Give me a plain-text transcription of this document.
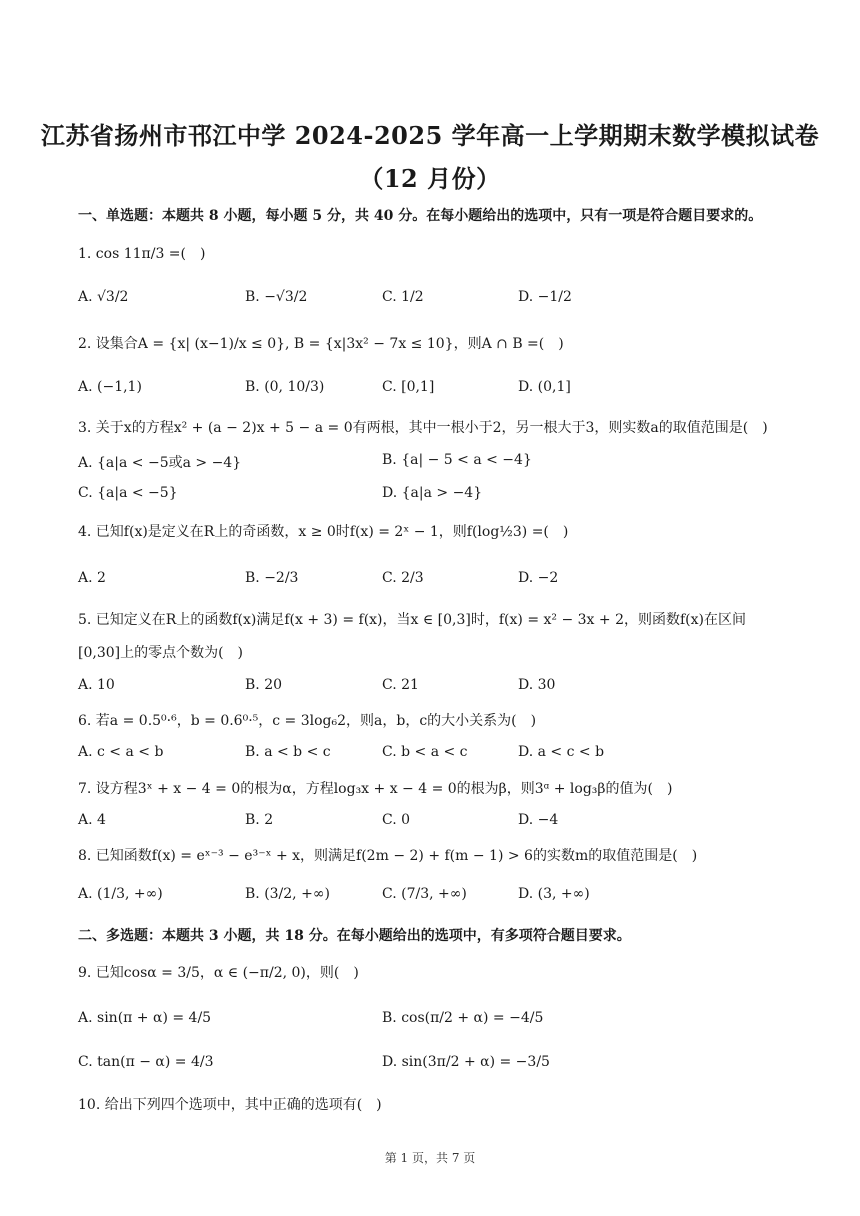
江苏省扬州市邗江中学 2024-2025 学年高一上学期期末数学模拟试卷
（12 月份）
一、单选题：本题共 8 小题，每小题 5 分，共 40 分。在每小题给出的选项中，只有一项是符合题目要求的。
1. cos 11π/3 =(　)
A. √3/2	B. −√3/2	C. 1/2	D. −1/2
2. 设集合A = {x| (x−1)/x ≤ 0}, B = {x|3x² − 7x ≤ 10}，则A ∩ B =(　)
A. (−1,1)	B. (0, 10/3)	C. [0,1]	D. (0,1]
3. 关于x的方程x² + (a − 2)x + 5 − a = 0有两根，其中一根小于2，另一根大于3，则实数a的取值范围是(　)
A. {a|a < −5或a > −4}	B. {a| − 5 < a < −4}
C. {a|a < −5}	D. {a|a > −4}
4. 已知f(x)是定义在R上的奇函数，x ≥ 0时f(x) = 2ˣ − 1，则f(log½3) =(　)
A. 2	B. −2/3	C. 2/3	D. −2
5. 已知定义在R上的函数f(x)满足f(x + 3) = f(x)，当x ∈ [0,3]时，f(x) = x² − 3x + 2，则函数f(x)在区间
[0,30]上的零点个数为(　)
A. 10	B. 20	C. 21	D. 30
6. 若a = 0.5⁰·⁶，b = 0.6⁰·⁵，c = 3log₆2，则a，b，c的大小关系为(　)
A. c < a < b	B. a < b < c	C. b < a < c	D. a < c < b
7. 设方程3ˣ + x − 4 = 0的根为α，方程log₃x + x − 4 = 0的根为β，则3ᵅ + log₃β的值为(　)
A. 4	B. 2	C. 0	D. −4
8. 已知函数f(x) = eˣ⁻³ − e³⁻ˣ + x，则满足f(2m − 2) + f(m − 1) > 6的实数m的取值范围是(　)
A. (1/3, +∞)	B. (3/2, +∞)	C. (7/3, +∞)	D. (3, +∞)
二、多选题：本题共 3 小题，共 18 分。在每小题给出的选项中，有多项符合题目要求。
9. 已知cosα = 3/5，α ∈ (−π/2, 0)，则(　)
A. sin(π + α) = 4/5	B. cos(π/2 + α) = −4/5
C. tan(π − α) = 4/3	D. sin(3π/2 + α) = −3/5
10. 给出下列四个选项中，其中正确的选项有(　)
第 1 页，共 7 页
